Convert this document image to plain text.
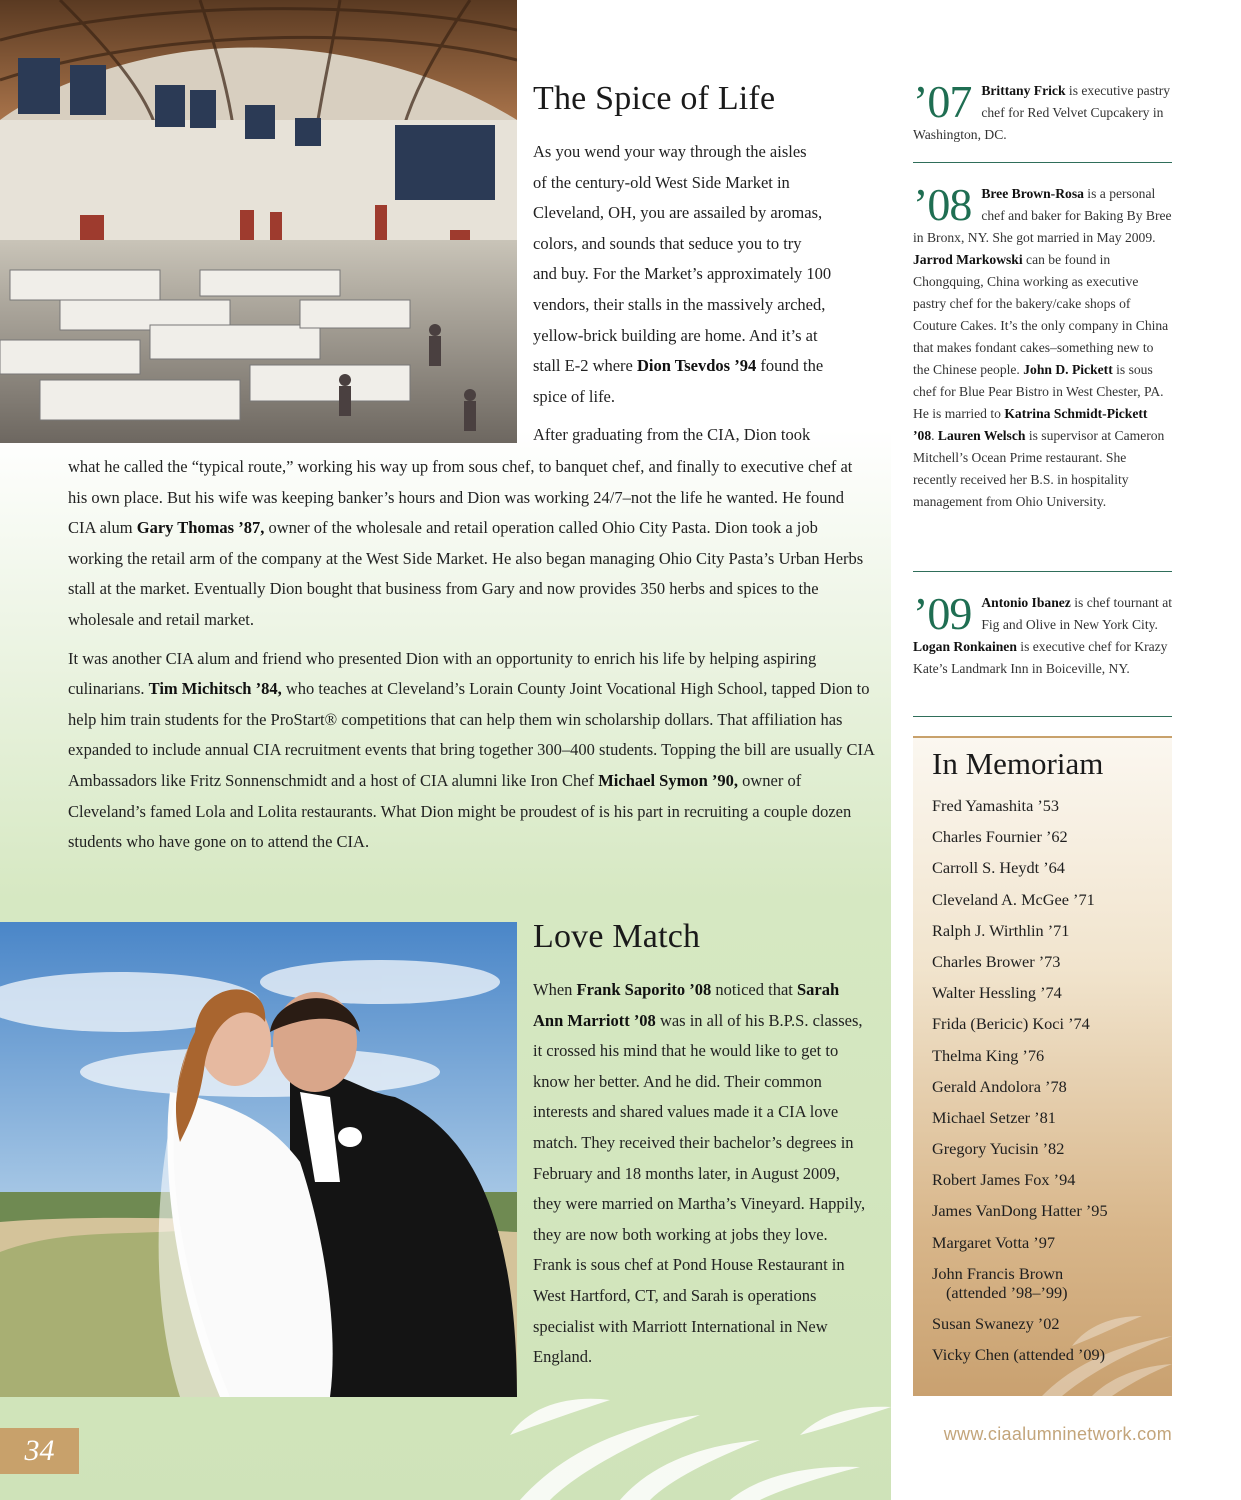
The Spice of Life
As you wend your way through the aisles
of the century-old West Side Market in
Cleveland, OH, you are assailed by aromas,
colors, and sounds that seduce you to try
and buy. For the Market’s approximately 100
vendors, their stalls in the massively arched,
yellow-brick building are home. And it’s at
stall E-2 where Dion Tsevdos ’94 found the
spice of life.
After graduating from the CIA, Dion took

what he called the “typical route,” working his way up from sous chef, to banquet chef, and finally to executive chef at his own place. But his wife was keeping banker’s hours and Dion was working 24/7–not the life he wanted. He found CIA alum Gary Thomas ’87, owner of the wholesale and retail operation called Ohio City Pasta. Dion took a job working the retail arm of the company at the West Side Market. He also began managing Ohio City Pasta’s Urban Herbs stall at the market. Eventually Dion bought that business from Gary and now provides 350 herbs and spices to the wholesale and retail market.

It was another CIA alum and friend who presented Dion with an opportunity to enrich his life by helping aspiring culinarians. Tim Michitsch ’84, who teaches at Cleveland’s Lorain County Joint Vocational High School, tapped Dion to help him train students for the ProStart® competitions that can help them win scholarship dollars. That affiliation has expanded to include annual CIA recruitment events that bring together 300–400 students. Topping the bill are usually CIA Ambassadors like Fritz Sonnenschmidt and a host of CIA alumni like Iron Chef Michael Symon ’90, owner of Cleveland’s famed Lola and Lolita restaurants. What Dion might be proudest of is his part in recruiting a couple dozen students who have gone on to attend the CIA.

Love Match

When Frank Saporito ’08 noticed that Sarah Ann Marriott ’08 was in all of his B.P.S. classes, it crossed his mind that he would like to get to know her better. And he did. Their common interests and shared values made it a CIA love match. They received their bachelor’s degrees in February and 18 months later, in August 2009, they were married on Martha’s Vineyard. Happily, they are now both working at jobs they love. Frank is sous chef at Pond House Restaurant in West Hartford, CT, and Sarah is operations specialist with Marriott International in New England.

’07 Brittany Frick is executive pastry chef for Red Velvet Cupcakery in Washington, DC.
’08 Bree Brown-Rosa is a personal chef and baker for Baking By Bree in Bronx, NY. She got married in May 2009. Jarrod Markowski can be found in Chongquing, China working as executive pastry chef for the bakery/cake shops of Couture Cakes. It’s the only company in China that makes fondant cakes–something new to the Chinese people. John D. Pickett is sous chef for Blue Pear Bistro in West Chester, PA. He is married to Katrina Schmidt-Pickett ’08. Lauren Welsch is supervisor at Cameron Mitchell’s Ocean Prime restaurant. She recently received her B.S. in hospitality management from Ohio University.
’09 Antonio Ibanez is chef tournant at Fig and Olive in New York City. Logan Ronkainen is executive chef for Krazy Kate’s Landmark Inn in Boiceville, NY.
In Memoriam
Fred Yamashita ’53
Charles Fournier ’62
Carroll S. Heydt ’64
Cleveland A. McGee ’71
Ralph J. Wirthlin ’71
Charles Brower ’73
Walter Hessling ’74
Frida (Bericic) Koci ’74
Thelma King ’76
Gerald Andolora ’78
Michael Setzer ’81
Gregory Yucisin ’82
Robert James Fox ’94
James VanDong Hatter ’95
Margaret Votta ’97
John Francis Brown
(attended ’98–’99)
Susan Swanezy ’02
Vicky Chen (attended ’09)
34	www.ciaalumninetwork.com
